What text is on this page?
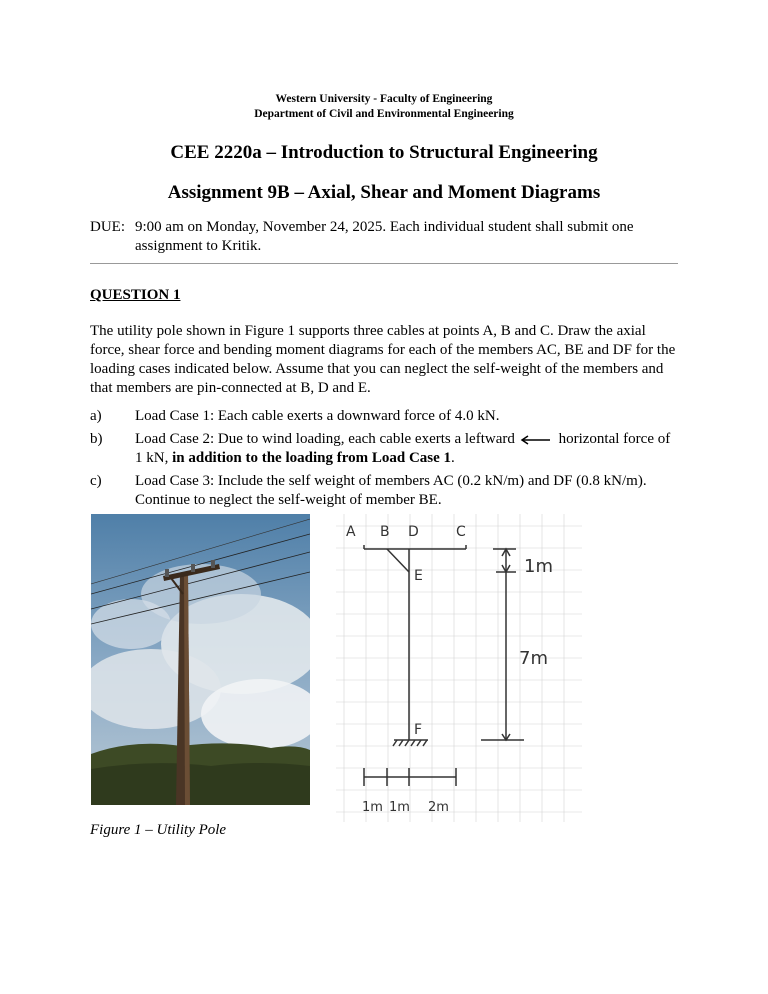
Western University - Faculty of Engineering
Department of Civil and Environmental Engineering
CEE 2220a – Introduction to Structural Engineering
Assignment 9B – Axial, Shear and Moment Diagrams
DUE: 9:00 am on Monday, November 24, 2025. Each individual student shall submit one assignment to Kritik.
QUESTION 1
The utility pole shown in Figure 1 supports three cables at points A, B and C. Draw the axial force, shear force and bending moment diagrams for each of the members AC, BE and DF for the loading cases indicated below. Assume that you can neglect the self-weight of the members and that members are pin-connected at B, D and E.
a) Load Case 1: Each cable exerts a downward force of 4.0 kN.
b) Load Case 2: Due to wind loading, each cable exerts a leftward	horizontal force of 1 kN, in addition to the loading from Load Case 1.
c) Load Case 3: Include the self weight of members AC (0.2 kN/m) and DF (0.8 kN/m). Continue to neglect the self-weight of member BE.
A B D	C
E
F
1m
7m
1m 1m 2m
Figure 1 – Utility Pole
